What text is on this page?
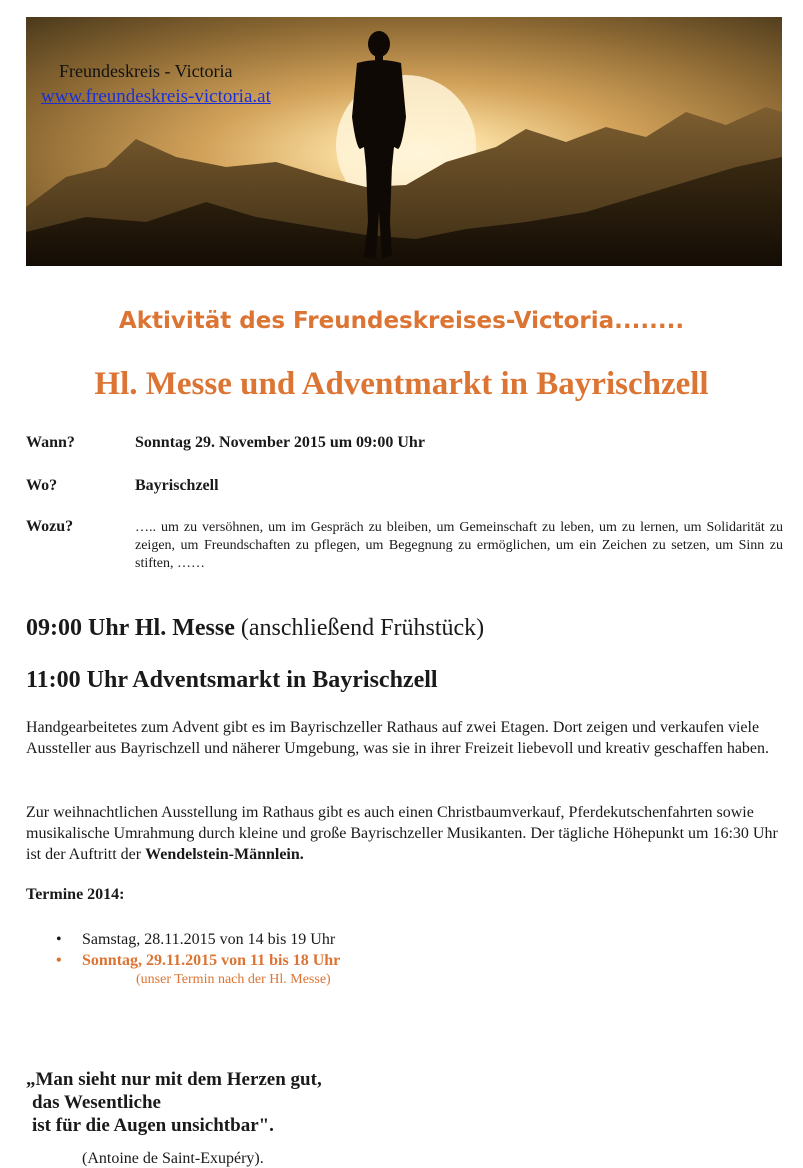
Freundeskreis - Victoria
www.freundeskreis-victoria.at
Aktivität des Freundeskreises-Victoria........
Hl. Messe und Adventmarkt in Bayrischzell
Wann?	Sonntag 29. November 2015 um 09:00 Uhr
Wo?	Bayrischzell
Wozu?	….. um zu versöhnen, um im Gespräch zu bleiben, um Gemeinschaft zu leben, um zu lernen, um Solidarität zu zeigen, um Freundschaften zu pflegen, um Begegnung zu ermöglichen, um ein Zeichen zu setzen, um Sinn zu stiften, ……
09:00 Uhr Hl. Messe (anschließend Frühstück)
11:00 Uhr Adventsmarkt in Bayrischzell
Handgearbeitetes zum Advent gibt es im Bayrischzeller Rathaus auf zwei Etagen. Dort zeigen und verkaufen viele Aussteller aus Bayrischzell und näherer Umgebung, was sie in ihrer Freizeit liebevoll und kreativ geschaffen haben.
Zur weihnachtlichen Ausstellung im Rathaus gibt es auch einen Christbaumverkauf, Pferdekutschenfahrten sowie musikalische Umrahmung durch kleine und große Bayrischzeller Musikanten. Der tägliche Höhepunkt um 16:30 Uhr ist der Auftritt der Wendelstein-Männlein.
Termine 2014:
• Samstag, 28.11.2015 von 14 bis 19 Uhr
• Sonntag, 29.11.2015 von 11 bis 18 Uhr
(unser Termin nach der Hl. Messe)
„Man sieht nur mit dem Herzen gut,
das Wesentliche
ist für die Augen unsichtbar".
(Antoine de Saint-Exupéry).
